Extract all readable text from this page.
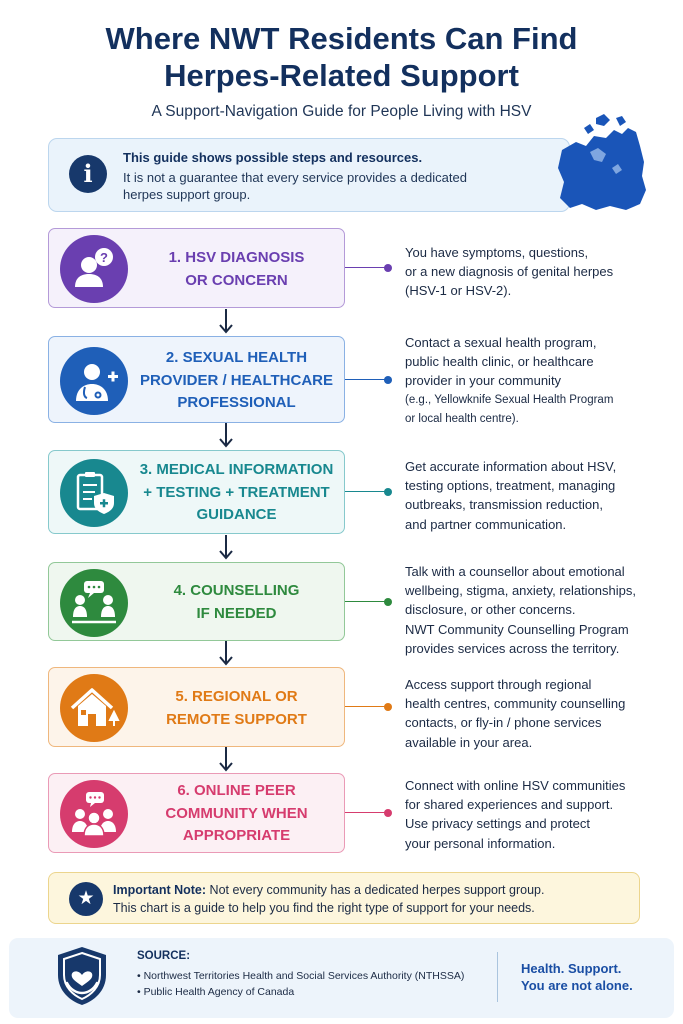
Where NWT Residents Can Find
Herpes-Related Support
A Support-Navigation Guide for People Living with HSV
i
This guide shows possible steps and resources.
It is not a guarantee that every service provides a dedicated
herpes support group.
?	1. HSV DIAGNOSIS
OR CONCERN
You have symptoms, questions,
or a new diagnosis of genital herpes
(HSV-1 or HSV-2).
2. SEXUAL HEALTH
PROVIDER / HEALTHCARE
PROFESSIONAL
Contact a sexual health program,
public health clinic, or healthcare
provider in your community
(e.g., Yellowknife Sexual Health Program
or local health centre).
3. MEDICAL INFORMATION
+ TESTING + TREATMENT
GUIDANCE
Get accurate information about HSV,
testing options, treatment, managing
outbreaks, transmission reduction,
and partner communication.
4. COUNSELLING
IF NEEDED
Talk with a counsellor about emotional
wellbeing, stigma, anxiety, relationships,
disclosure, or other concerns.
NWT Community Counselling Program
provides services across the territory.
5. REGIONAL OR
REMOTE SUPPORT
Access support through regional
health centres, community counselling
contacts, or fly-in / phone services
available in your area.
6. ONLINE PEER
COMMUNITY WHEN
APPROPRIATE
Connect with online HSV communities
for shared experiences and support.
Use privacy settings and protect
your personal information.
★	Important Note: Not every community has a dedicated herpes support group.
This chart is a guide to help you find the right type of support for your needs.
SOURCE:
• Northwest Territories Health and Social Services Authority (NTHSSA)
• Public Health Agency of Canada
Health. Support.
You are not alone.
